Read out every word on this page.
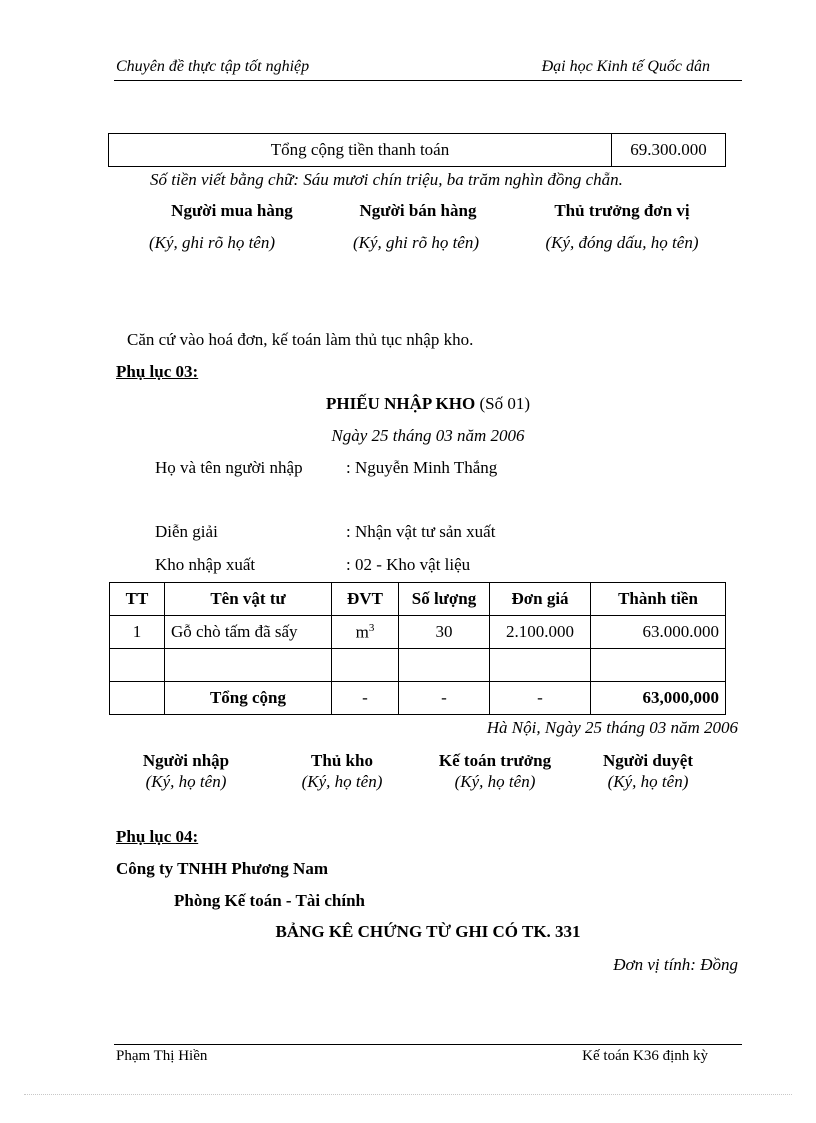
Chuyên đề thực tập tốt nghiệp	Đại học Kinh tế Quốc dân
Tổng cộng tiền thanh toán	69.300.000
Số tiền viết bằng chữ: Sáu mươi chín triệu, ba trăm nghìn đồng chẵn.
Người mua hàng	Người bán hàng	Thủ trưởng đơn vị
(Ký, ghi rõ họ tên)	(Ký, ghi rõ họ tên)	(Ký, đóng dấu, họ tên)
Căn cứ vào hoá đơn, kế toán làm thủ tục nhập kho.
Phụ lục 03:
PHIẾU NHẬP KHO (Số 01)
Ngày 25 tháng 03 năm 2006
Họ và tên người nhập	: Nguyễn Minh Thắng
Diễn giải	: Nhận vật tư sản xuất
Kho nhập xuất	: 02 - Kho vật liệu
TT	Tên vật tư	ĐVT	Số lượng	Đơn giá	Thành tiền
1	Gỗ chò tấm đã sấy	$m^3$	30	2.100.000	63.000.000

	Tổng cộng	-	-	-	63,000,000
Hà Nội, Ngày 25 tháng 03 năm 2006
Người nhập	Thủ kho	Kế toán trưởng	Người duyệt
(Ký, họ tên)	(Ký, họ tên)	(Ký, họ tên)	(Ký, họ tên)
Phụ lục 04:
Công ty TNHH Phương Nam
Phòng Kế toán - Tài chính
BẢNG KÊ CHỨNG TỪ GHI CÓ TK. 331
Đơn vị tính: Đồng
Phạm Thị Hiền	Kế toán K36 định kỳ
